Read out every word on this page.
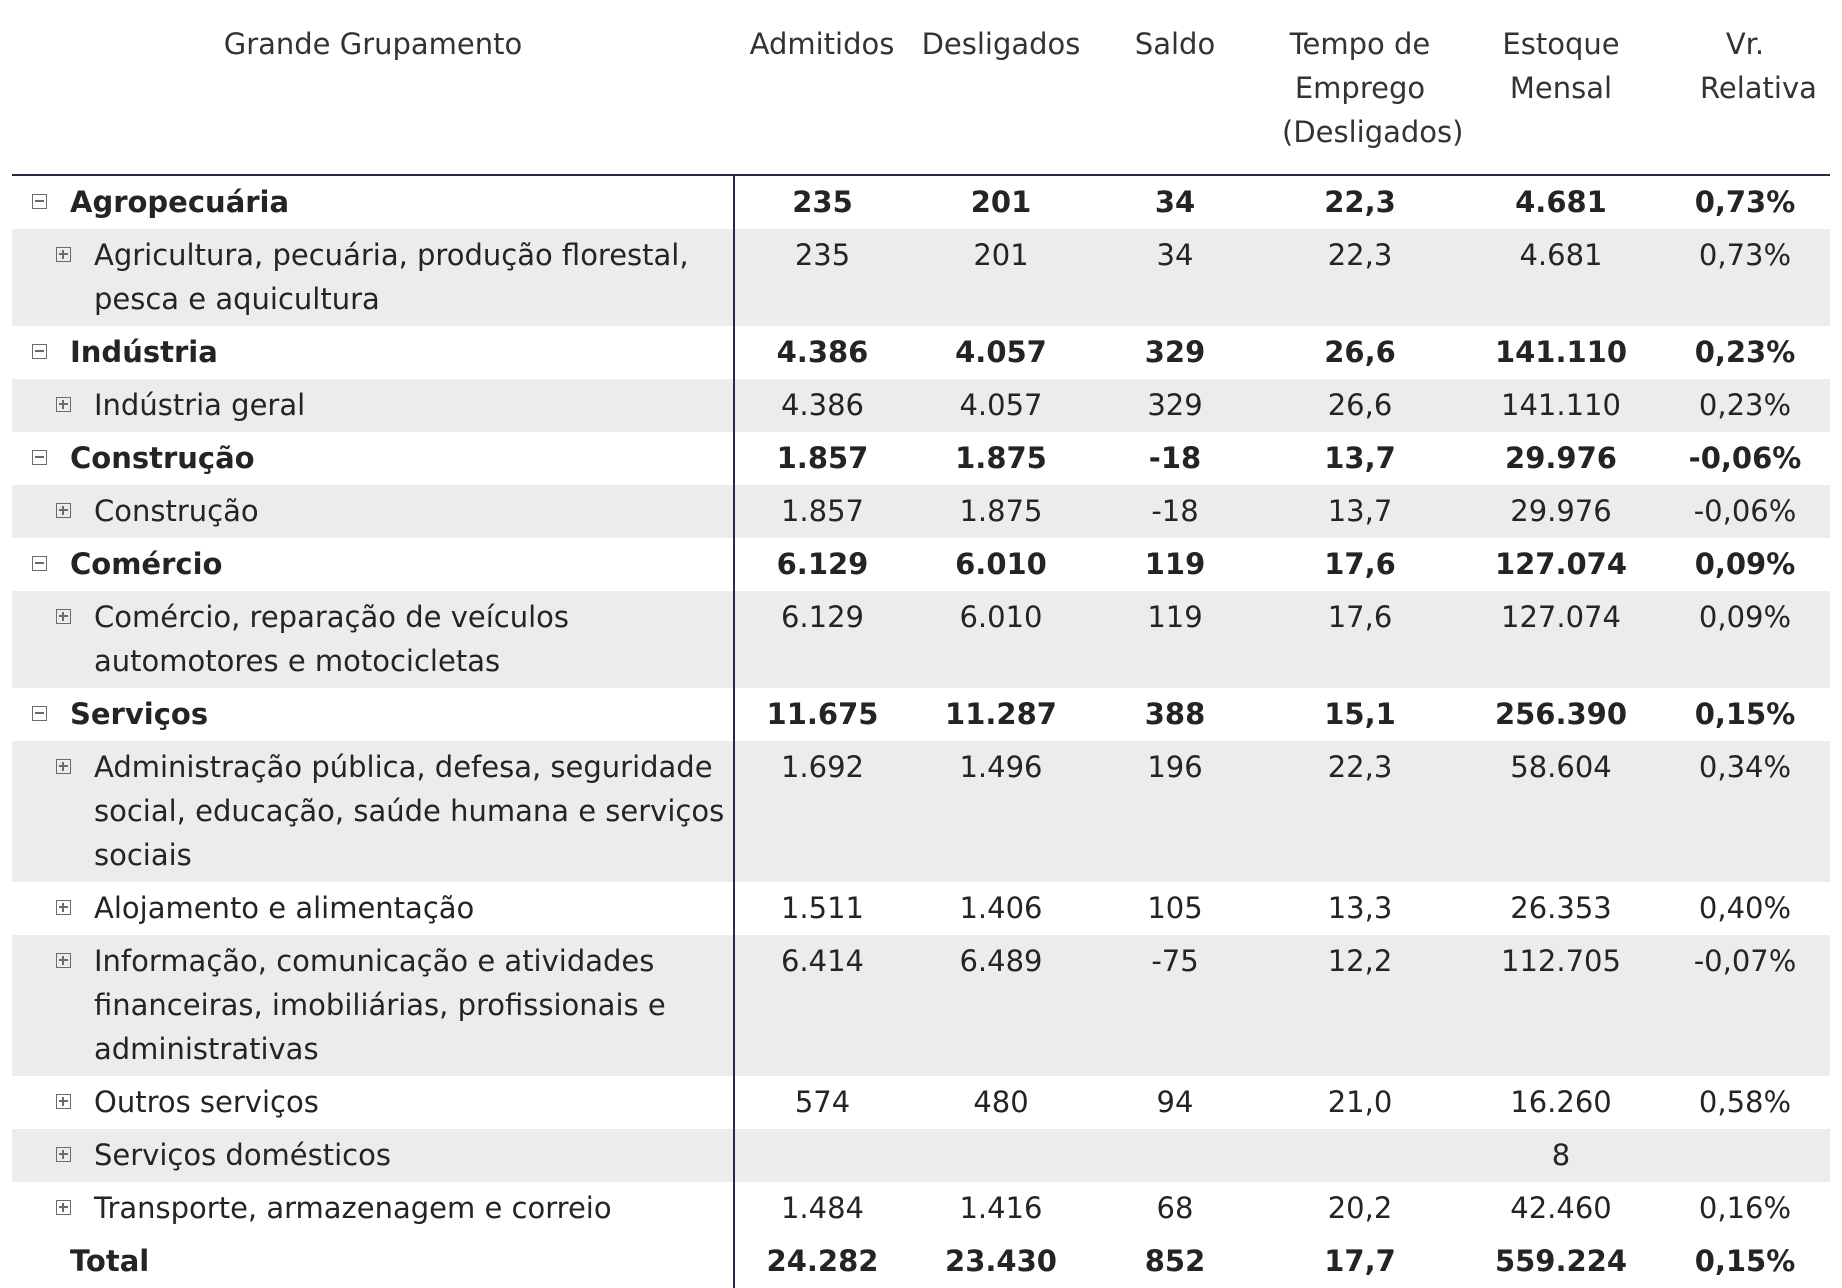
Grande Grupamento	Admitidos	Desligados	Saldo	Tempo de Emprego (Desligados)	Estoque Mensal	Vr. Relativa

Agropecuária	235	201	34	22,3	4.681	0,73%

Agricultura, pecuária, produção florestal, pesca e aquicultura	235	201	34	22,3	4.681	0,73%

Indústria	4.386	4.057	329	26,6	141.110	0,23%

Indústria geral	4.386	4.057	329	26,6	141.110	0,23%

Construção	1.857	1.875	-18	13,7	29.976	-0,06%

Construção	1.857	1.875	-18	13,7	29.976	-0,06%

Comércio	6.129	6.010	119	17,6	127.074	0,09%

Comércio, reparação de veículos automotores e motocicletas	6.129	6.010	119	17,6	127.074	0,09%

Serviços	11.675	11.287	388	15,1	256.390	0,15%

Administração pública, defesa, seguridade social, educação, saúde humana e serviços sociais	1.692	1.496	196	22,3	58.604	0,34%

Alojamento e alimentação	1.511	1.406	105	13,3	26.353	0,40%

Informação, comunicação e atividades financeiras, imobiliárias, profissionais e administrativas	6.414	6.489	-75	12,2	112.705	-0,07%

Outros serviços	574	480	94	21,0	16.260	0,58%

Serviços domésticos					8	

Transporte, armazenagem e correio	1.484	1.416	68	20,2	42.460	0,16%

Total	24.282	23.430	852	17,7	559.224	0,15%
